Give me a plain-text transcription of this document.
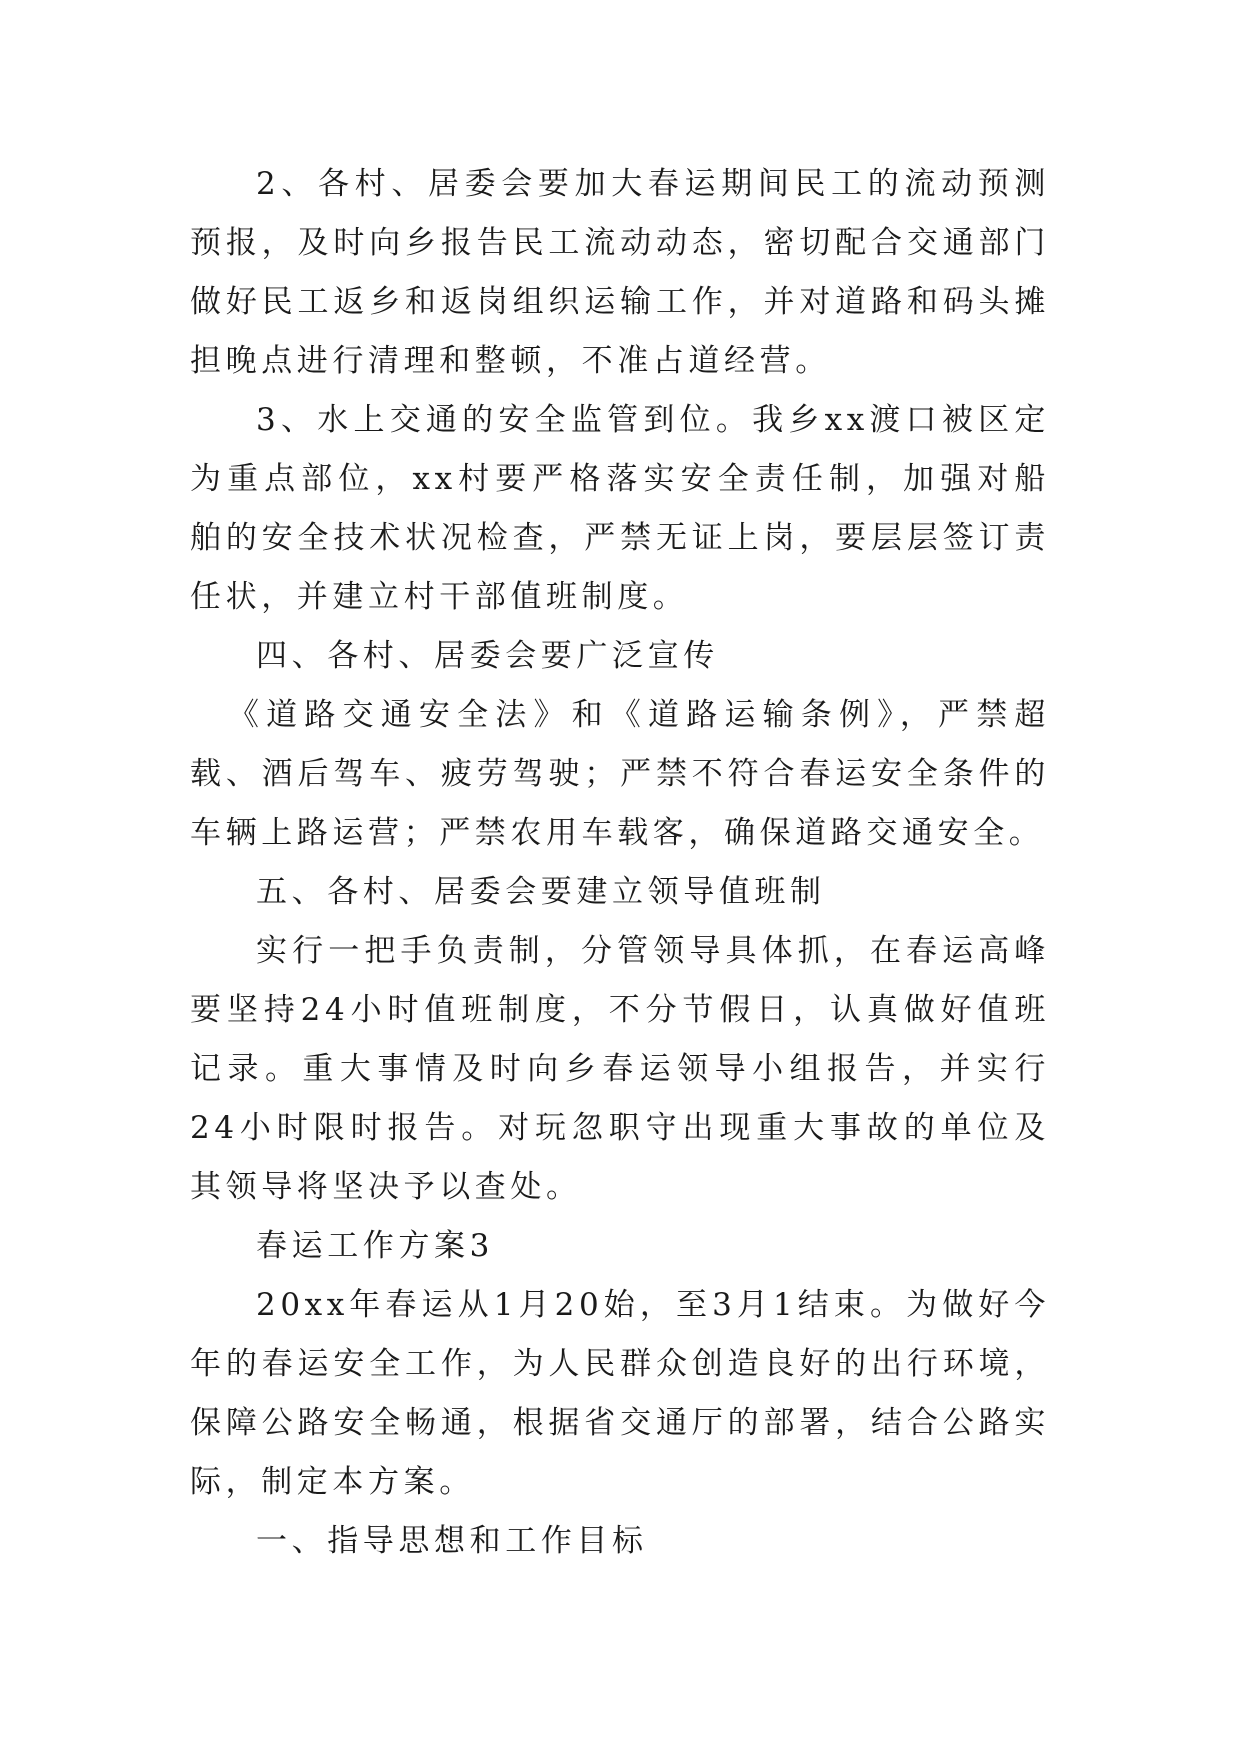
2、各村、居委会要加大春运期间民工的流动预测预报，及时向乡报告民工流动动态，密切配合交通部门做好民工返乡和返岗组织运输工作，并对道路和码头摊担晚点进行清理和整顿，不准占道经营。

3、水上交通的安全监管到位。我乡xx渡口被区定为重点部位，xx村要严格落实安全责任制，加强对船舶的安全技术状况检查，严禁无证上岗，要层层签订责任状，并建立村干部值班制度。

四、各村、居委会要广泛宣传

《道路交通安全法》和《道路运输条例》，严禁超载、酒后驾车、疲劳驾驶；严禁不符合春运安全条件的车辆上路运营；严禁农用车载客，确保道路交通安全。

五、各村、居委会要建立领导值班制

实行一把手负责制，分管领导具体抓，在春运高峰要坚持24小时值班制度，不分节假日，认真做好值班记录。重大事情及时向乡春运领导小组报告，并实行24小时限时报告。对玩忽职守出现重大事故的单位及其领导将坚决予以查处。

春运工作方案3

20xx年春运从1月20始，至3月1结束。为做好今年的春运安全工作，为人民群众创造良好的出行环境，保障公路安全畅通，根据省交通厅的部署，结合公路实际，制定本方案。

一、指导思想和工作目标
